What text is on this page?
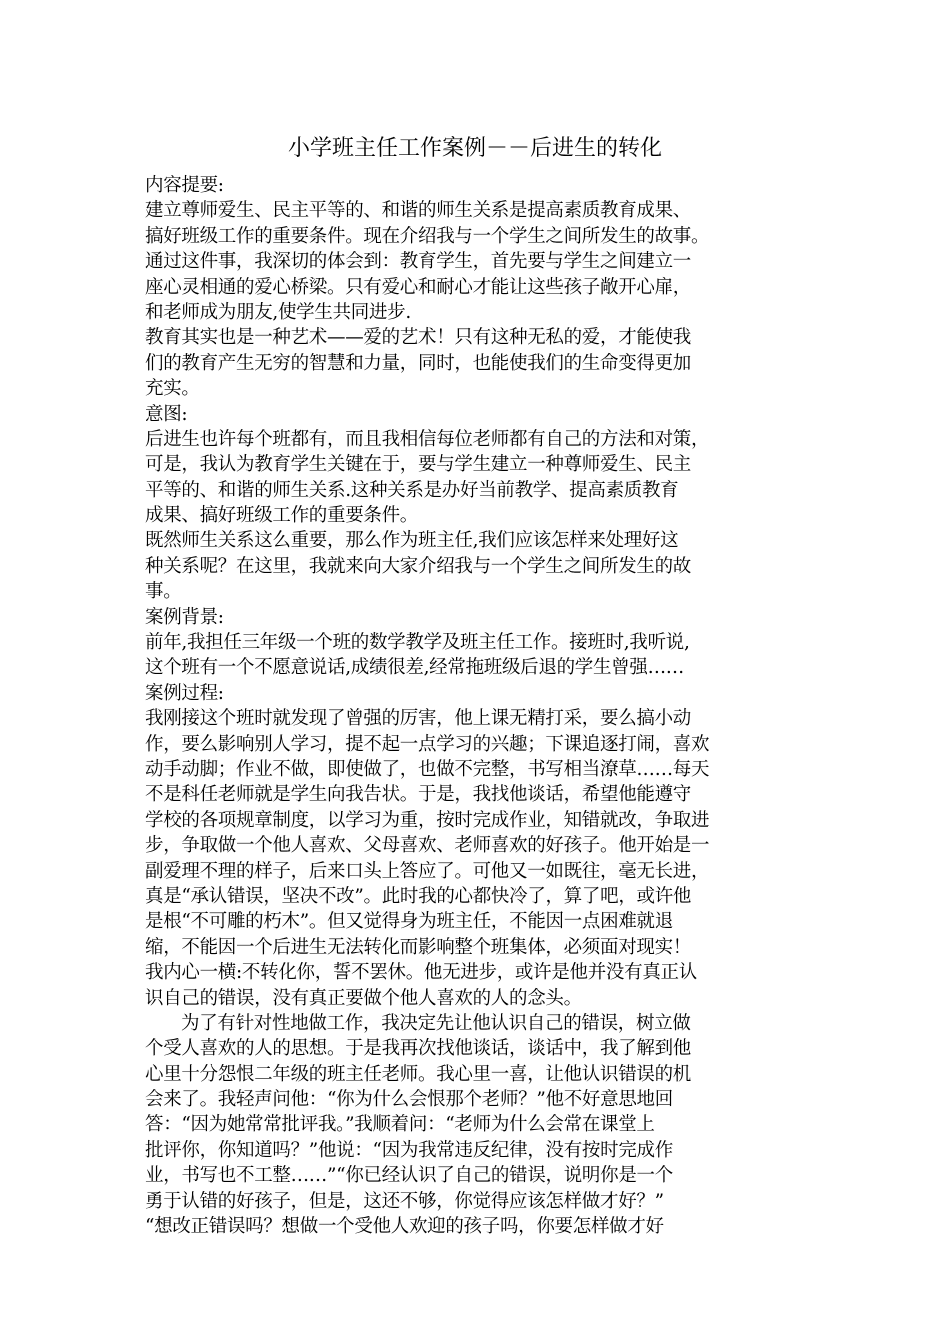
小学班主任工作案例－－后进生的转化
内容提要:
建立尊师爱生、民主平等的、和谐的师生关系是提高素质教育成果、
搞好班级工作的重要条件。现在介绍我与一个学生之间所发生的故事。
通过这件事，我深切的体会到：教育学生，首先要与学生之间建立一
座心灵相通的爱心桥梁。只有爱心和耐心才能让这些孩子敞开心扉，
和老师成为朋友,使学生共同进步.
教育其实也是一种艺术——爱的艺术！只有这种无私的爱，才能使我
们的教育产生无穷的智慧和力量，同时，也能使我们的生命变得更加
充实。
意图:
后进生也许每个班都有，而且我相信每位老师都有自己的方法和对策，
可是，我认为教育学生关键在于，要与学生建立一种尊师爱生、民主
平等的、和谐的师生关系.这种关系是办好当前教学、提高素质教育
成果、搞好班级工作的重要条件。
既然师生关系这么重要，那么作为班主任,我们应该怎样来处理好这
种关系呢？在这里，我就来向大家介绍我与一个学生之间所发生的故
事。
案例背景:
前年,我担任三年级一个班的数学教学及班主任工作。接班时,我听说,
这个班有一个不愿意说话,成绩很差,经常拖班级后退的学生曾强……
案例过程:
我刚接这个班时就发现了曾强的厉害，他上课无精打采，要么搞小动
作，要么影响别人学习，提不起一点学习的兴趣；下课追逐打闹，喜欢
动手动脚；作业不做，即使做了，也做不完整，书写相当潦草……每天
不是科任老师就是学生向我告状。于是，我找他谈话，希望他能遵守
学校的各项规章制度，以学习为重，按时完成作业，知错就改，争取进
步，争取做一个他人喜欢、父母喜欢、老师喜欢的好孩子。他开始是一
副爱理不理的样子，后来口头上答应了。可他又一如既往，毫无长进，
真是“承认错误，坚决不改”。此时我的心都快冷了，算了吧，或许他
是根“不可雕的朽木”。但又觉得身为班主任，不能因一点困难就退
缩，不能因一个后进生无法转化而影响整个班集体，必须面对现实！
我内心一横:不转化你，誓不罢休。他无进步，或许是他并没有真正认
识自己的错误，没有真正要做个他人喜欢的人的念头。
为了有针对性地做工作，我决定先让他认识自己的错误，树立做
个受人喜欢的人的思想。于是我再次找他谈话，谈话中，我了解到他
心里十分怨恨二年级的班主任老师。我心里一喜，让他认识错误的机
会来了。我轻声问他：“你为什么会恨那个老师？”他不好意思地回
答：“因为她常常批评我。”我顺着问：“老师为什么会常在课堂上
批评你，你知道吗？”他说：“因为我常违反纪律，没有按时完成作
业，书写也不工整……”“你已经认识了自己的错误，说明你是一个
勇于认错的好孩子，但是，这还不够，你觉得应该怎样做才好？”
“想改正错误吗？想做一个受他人欢迎的孩子吗，你要怎样做才好
